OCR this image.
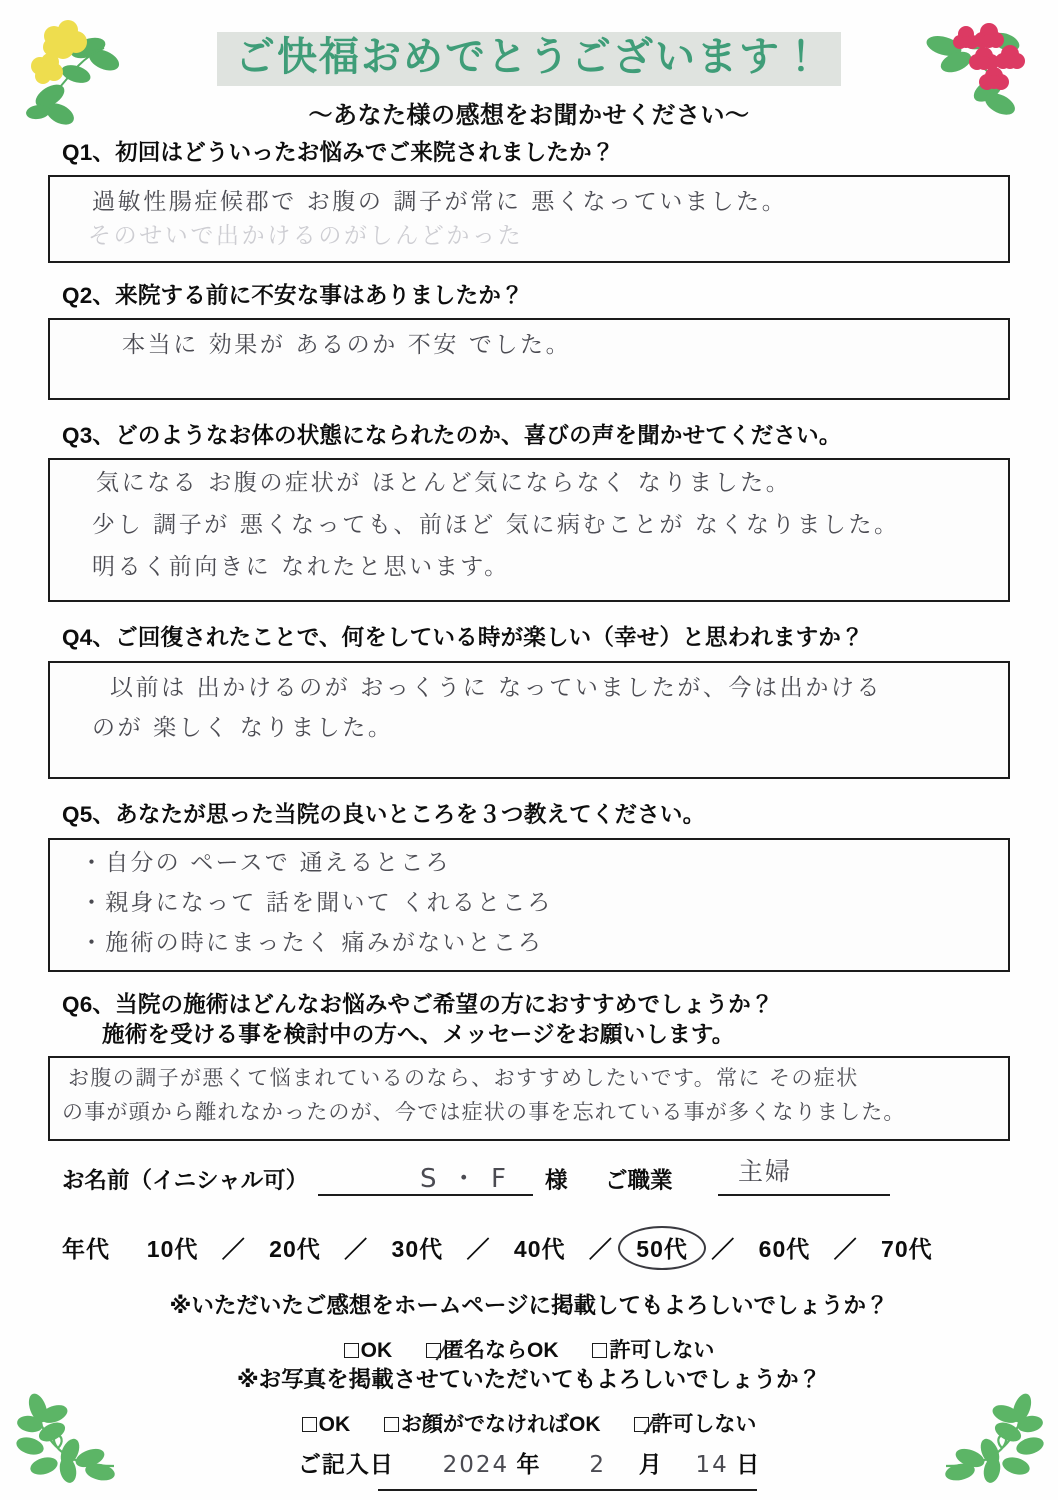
ご快福おめでとうございます！
〜あなた様の感想をお聞かせください〜
Q1、初回はどういったお悩みでご来院されましたか？
過敏性腸症候郡で お腹の 調子が常に 悪くなっていました。
そのせいで出かけるのがしんどかった
Q2、来院する前に不安な事はありましたか？
本当に 効果が あるのか 不安 でした。
Q3、どのようなお体の状態になられたのか、喜びの声を聞かせてください。
気になる お腹の症状が ほとんど気にならなく なりました。
少し 調子が 悪くなっても、前ほど 気に病むことが なくなりました。
明るく前向きに なれたと思います。
Q4、ご回復されたことで、何をしている時が楽しい（幸せ）と思われますか？
以前は 出かけるのが おっくうに なっていましたが、今は出かける
のが 楽しく なりました。
Q5、あなたが思った当院の良いところを３つ教えてください。
・自分の ペースで 通えるところ
・親身になって 話を聞いて くれるところ
・施術の時にまったく 痛みがないところ
Q6、当院の施術はどんなお悩みやご希望の方におすすめでしょうか？
施術を受ける事を検討中の方へ、メッセージをお願いします。
お腹の調子が悪くて悩まれているのなら、おすすめしたいです。常に その症状
の事が頭から離れなかったのが、今では症状の事を忘れている事が多くなりました。
お名前（イニシャル可）	S ・ F 様 ご職業	主婦
年代 10代 ／ 20代 ／ 30代 ／ 40代 ／ 50代 ／ 60代 ／ 70代
※いただいたご感想をホームページに掲載してもよろしいでしょうか？
OK 匿名ならOK 許可しない
※お写真を掲載させていただいてもよろしいでしょうか？
OK お顔がでなければOK 許可しない
ご記入日 2024 年 2 月 14 日
